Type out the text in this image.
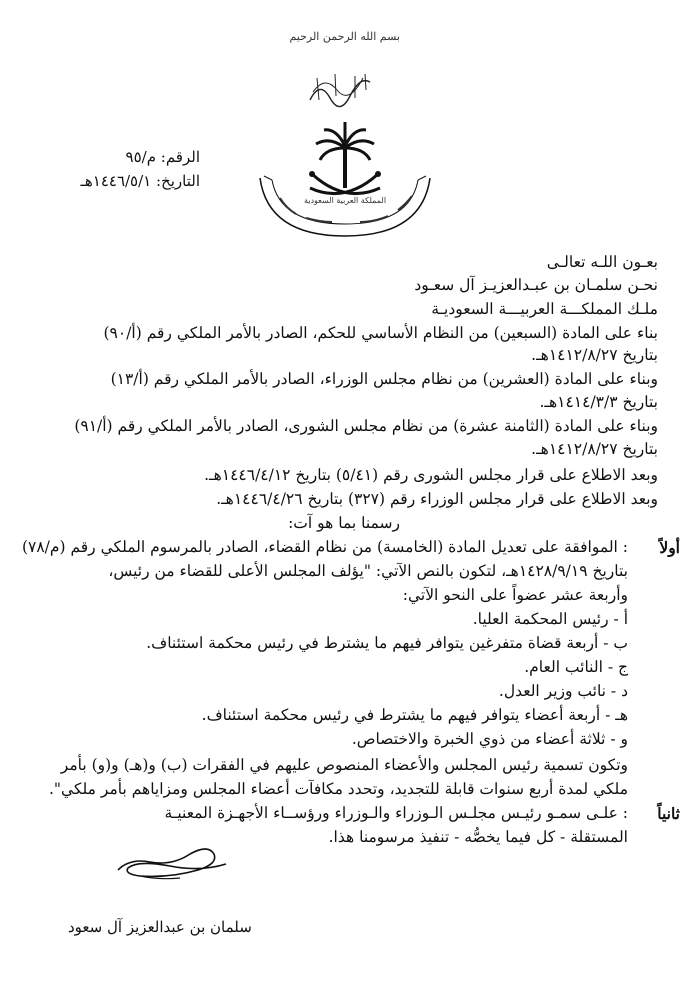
بسم الله الرحمن الرحيم
المملكة العربية السعودية
الرقم: م/٩٥
التاريخ: ١٤٤٦/٥/١هـ
بعـون اللـه تعالـى
نحـن سلمـان بن عبـدالعزيـز آل سعـود
ملـك المملكـــة العربيـــة السعوديـة
بناء على المادة (السبعين) من النظام الأساسي للحكم، الصادر بالأمر الملكي رقم (أ/٩٠)
بتاريخ ١٤١٢/٨/٢٧هـ.
وبناء على المادة (العشرين) من نظام مجلس الوزراء، الصادر بالأمر الملكي رقم (أ/١٣)
بتاريخ ١٤١٤/٣/٣هـ.
وبناء على المادة (الثامنة عشرة) من نظام مجلس الشورى، الصادر بالأمر الملكي رقم (أ/٩١)
بتاريخ ١٤١٢/٨/٢٧هـ.
وبعد الاطلاع على قرار مجلس الشورى رقم (٥/٤١) بتاريخ ١٤٤٦/٤/١٢هـ.
وبعد الاطلاع على قرار مجلس الوزراء رقم (٣٢٧) بتاريخ ١٤٤٦/٤/٢٦هـ.
رسمنا بما هو آت:
أولاً
: الموافقة على تعديل المادة (الخامسة) من نظام القضاء، الصادر بالمرسوم الملكي رقم (م/٧٨)
بتاريخ ١٤٢٨/٩/١٩هـ، لتكون بالنص الآتي: "يؤلف المجلس الأعلى للقضاء من رئيس،
وأربعة عشر عضواً على النحو الآتي:
أ - رئيس المحكمة العليا.
ب - أربعة قضاة متفرغين يتوافر فيهم ما يشترط في رئيس محكمة استئناف.
ج - النائب العام.
د - نائب وزير العدل.
هـ - أربعة أعضاء يتوافر فيهم ما يشترط في رئيس محكمة استئناف.
و - ثلاثة أعضاء من ذوي الخبرة والاختصاص.
وتكون تسمية رئيس المجلس والأعضاء المنصوص عليهم في الفقرات (ب) و(هـ) و(و) بأمر
ملكي لمدة أربع سنوات قابلة للتجديد، وتحدد مكافآت أعضاء المجلس ومزاياهم بأمر ملكي".
ثانياً
: علـى سمـو رئيـس مجلـس الـوزراء والـوزراء ورؤســاء الأجهـزة المعنيـة
المستقلة - كل فيما يخصُّه - تنفيذ مرسومنا هذا.
سلمان بن عبدالعزيز آل سعود
